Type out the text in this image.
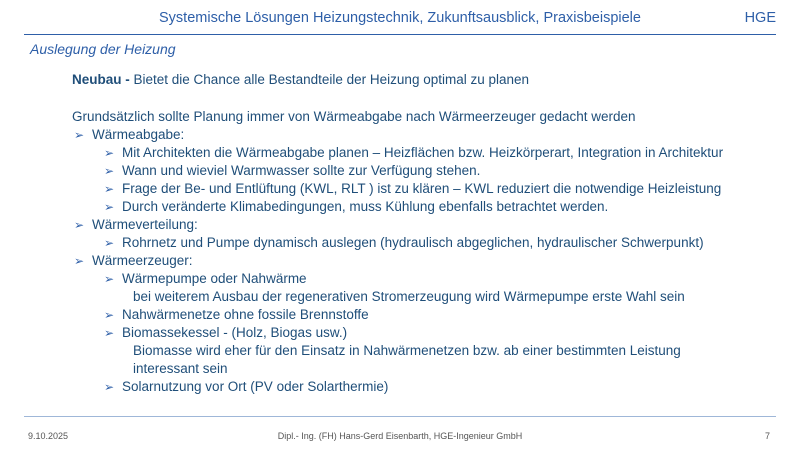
Systemische Lösungen Heizungstechnik, Zukunftsausblick, Praxisbeispiele	HGE
Auslegung der Heizung
Neubau - Bietet die Chance alle Bestandteile der Heizung optimal zu planen
Grundsätzlich sollte Planung immer von Wärmeabgabe nach Wärmeerzeuger gedacht werden
➢ Wärmeabgabe:
➢ Mit Architekten die Wärmeabgabe planen – Heizflächen bzw. Heizkörperart, Integration in Architektur
➢ Wann und wieviel Warmwasser sollte zur Verfügung stehen.
➢ Frage der Be- und Entlüftung (KWL, RLT ) ist zu klären – KWL reduziert die notwendige Heizleistung
➢ Durch veränderte Klimabedingungen, muss Kühlung ebenfalls betrachtet werden.
➢ Wärmeverteilung:
➢ Rohrnetz und Pumpe dynamisch auslegen (hydraulisch abgeglichen, hydraulischer Schwerpunkt)
➢ Wärmeerzeuger:
➢ Wärmepumpe oder Nahwärme
bei weiterem Ausbau der regenerativen Stromerzeugung wird Wärmepumpe erste Wahl sein
➢ Nahwärmenetze ohne fossile Brennstoffe
➢ Biomassekessel - (Holz, Biogas usw.)
Biomasse wird eher für den Einsatz in Nahwärmenetzen bzw. ab einer bestimmten Leistung
interessant sein
➢ Solarnutzung vor Ort (PV oder Solarthermie)
9.10.2025	Dipl.- Ing. (FH) Hans-Gerd Eisenbarth, HGE-Ingenieur GmbH	7
